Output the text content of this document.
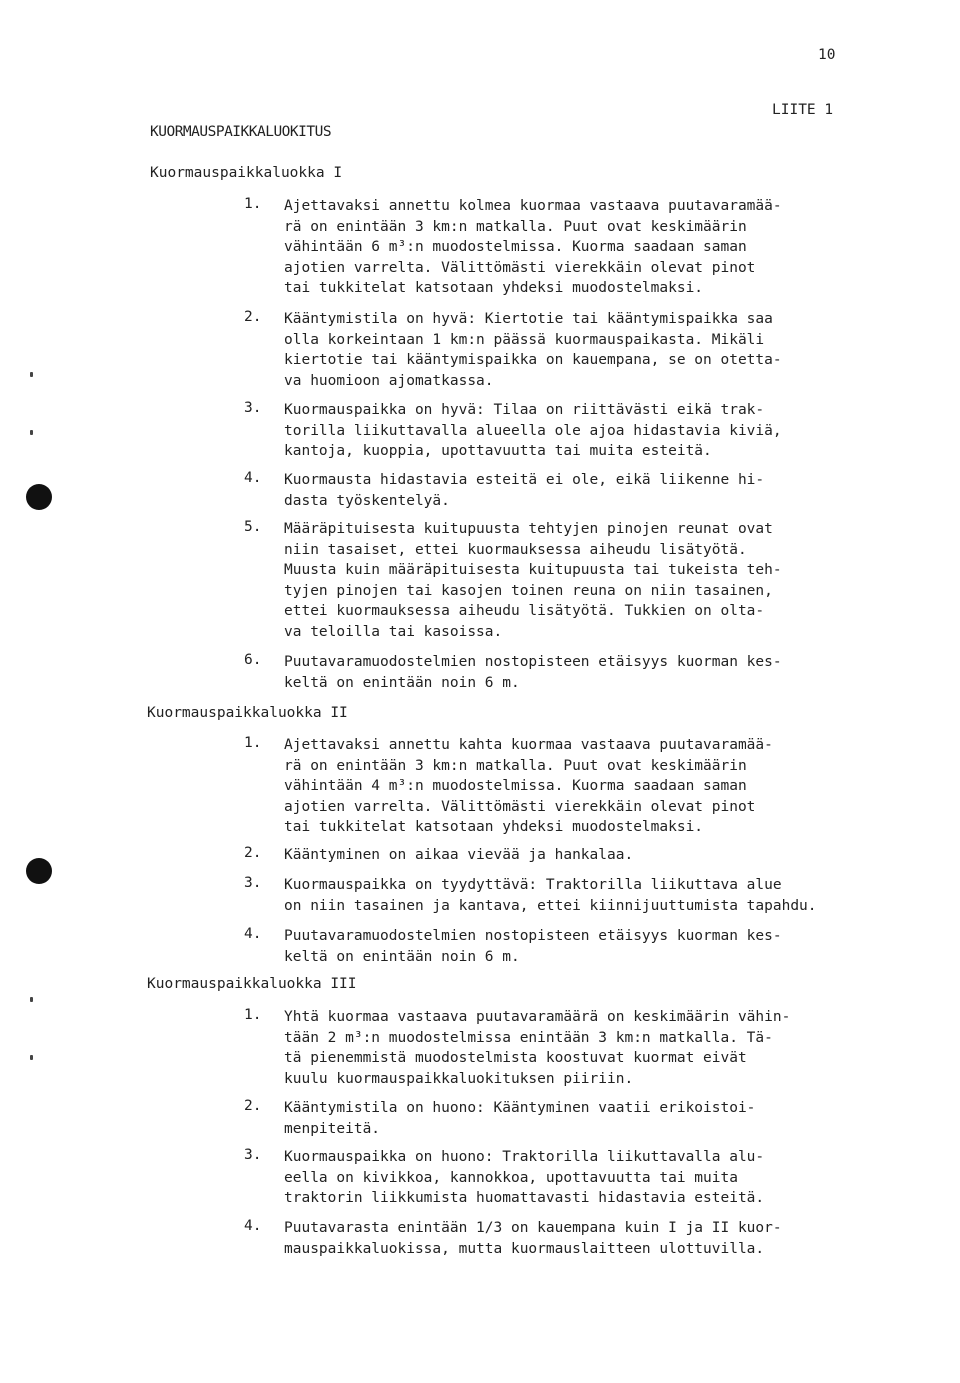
10
LIITE 1
KUORMAUSPAIKKALUOKITUS
Kuormauspaikkaluokka I
1. Ajettavaksi annettu kolmea kuormaa vastaava puutavaramää-
rä on enintään 3 km:n matkalla. Puut ovat keskimäärin
vähintään 6 m³:n muodostelmissa. Kuorma saadaan saman
ajotien varrelta. Välittömästi vierekkäin olevat pinot
tai tukkitelat katsotaan yhdeksi muodostelmaksi.
2. Kääntymistila on hyvä: Kiertotie tai kääntymispaikka saa
olla korkeintaan 1 km:n päässä kuormauspaikasta. Mikäli
kiertotie tai kääntymispaikka on kauempana, se on otetta-
va huomioon ajomatkassa.
3. Kuormauspaikka on hyvä: Tilaa on riittävästi eikä trak-
torilla liikuttavalla alueella ole ajoa hidastavia kiviä,
kantoja, kuoppia, upottavuutta tai muita esteitä.
4. Kuormausta hidastavia esteitä ei ole, eikä liikenne hi-
dasta työskentelyä.
5. Määräpituisesta kuitupuusta tehtyjen pinojen reunat ovat
niin tasaiset, ettei kuormauksessa aiheudu lisätyötä.
Muusta kuin määräpituisesta kuitupuusta tai tukeista teh-
tyjen pinojen tai kasojen toinen reuna on niin tasainen,
ettei kuormauksessa aiheudu lisätyötä. Tukkien on olta-
va teloilla tai kasoissa.
6. Puutavaramuodostelmien nostopisteen etäisyys kuorman kes-
keltä on enintään noin 6 m.
Kuormauspaikkaluokka II
1. Ajettavaksi annettu kahta kuormaa vastaava puutavaramää-
rä on enintään 3 km:n matkalla. Puut ovat keskimäärin
vähintään 4 m³:n muodostelmissa. Kuorma saadaan saman
ajotien varrelta. Välittömästi vierekkäin olevat pinot
tai tukkitelat katsotaan yhdeksi muodostelmaksi.
2. Kääntyminen on aikaa vievää ja hankalaa.
3. Kuormauspaikka on tyydyttävä: Traktorilla liikuttava alue
on niin tasainen ja kantava, ettei kiinnijuuttumista tapahdu.
4. Puutavaramuodostelmien nostopisteen etäisyys kuorman kes-
keltä on enintään noin 6 m.
Kuormauspaikkaluokka III
1. Yhtä kuormaa vastaava puutavaramäärä on keskimäärin vähin-
tään 2 m³:n muodostelmissa enintään 3 km:n matkalla. Tä-
tä pienemmistä muodostelmista koostuvat kuormat eivät
kuulu kuormauspaikkaluokituksen piiriin.
2. Kääntymistila on huono: Kääntyminen vaatii erikoistoi-
menpiteitä.
3. Kuormauspaikka on huono: Traktorilla liikuttavalla alu-
eella on kivikkoa, kannokkoa, upottavuutta tai muita
traktorin liikkumista huomattavasti hidastavia esteitä.
4. Puutavarasta enintään 1/3 on kauempana kuin I ja II kuor-
mauspaikkaluokissa, mutta kuormauslaitteen ulottuvilla.
